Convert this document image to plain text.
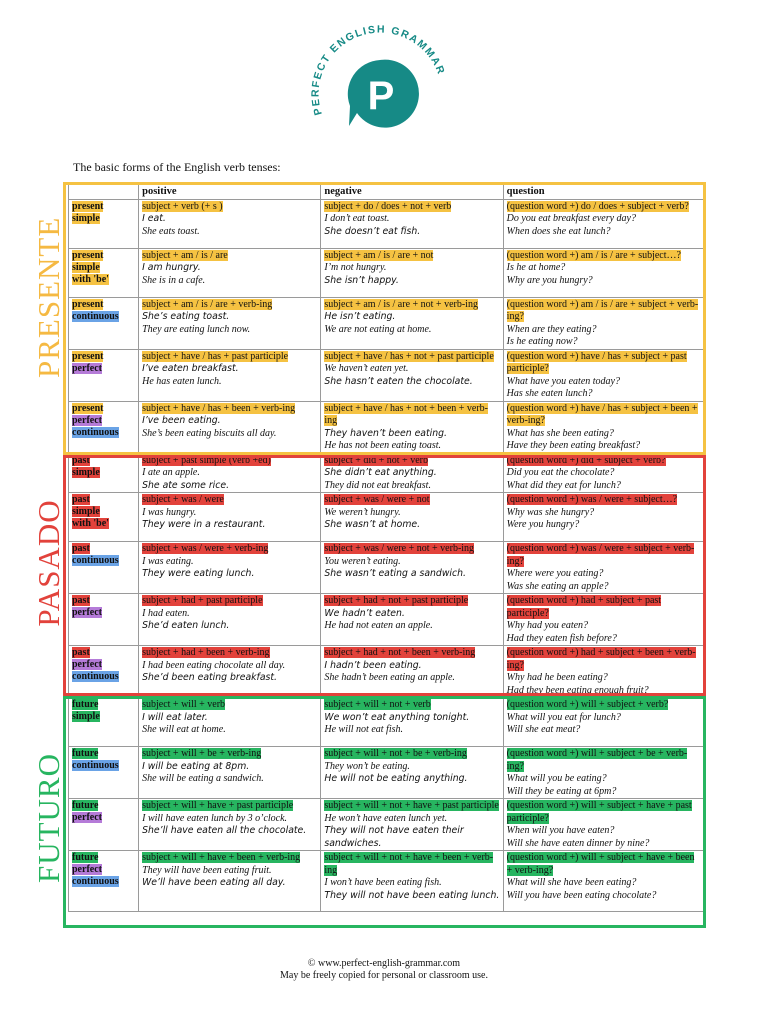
PERFECT ENGLISH GRAMMAR
P
The basic forms of the English verb tenses:
	positive	negative	question

present
simple	subject + verb (+ s )
I eat.
She eats toast.	subject + do / does + not + verb
I don’t eat toast.
She doesn’t eat fish.	(question word +) do / does + subject + verb?
Do you eat breakfast every day?
When does she eat lunch?

present
simple
with 'be'	subject + am / is / are
I am hungry.
She is in a cafe.	subject + am / is / are + not
I’m not hungry.
She isn’t happy.	(question word +) am / is / are + subject…?
Is he at home?
Why are you hungry?

present
continuous	subject + am / is / are + verb-ing
She’s eating toast.
They are eating lunch now.	subject + am / is / are + not + verb-ing
He isn’t eating.
We are not eating at home.	(question word +) am / is / are + subject + verb-ing?
When are they eating?
Is he eating now?

present
perfect	subject + have / has + past participle
I’ve eaten breakfast.
He has eaten lunch.	subject + have / has + not + past participle
We haven’t eaten yet.
She hasn’t eaten the chocolate.	(question word +) have / has + subject + past participle?
What have you eaten today?
Has she eaten lunch?

present
perfect
continuous	subject + have / has + been + verb-ing
I’ve been eating.
She’s been eating biscuits all day.	subject + have / has + not + been + verb-ing
They haven’t been eating.
He has not been eating toast.	(question word +) have / has + subject + been + verb-ing?
What has she been eating?
Have they been eating breakfast?

past
simple	subject + past simple (verb +ed)
I ate an apple.
She ate some rice.	subject + did + not + verb
She didn’t eat anything.
They did not eat breakfast.	(question word +) did + subject + verb?
Did you eat the chocolate?
What did they eat for lunch?

past
simple
with 'be'	subject + was / were
I was hungry.
They were in a restaurant.	subject + was / were + not
We weren’t hungry.
She wasn’t at home.	(question word +) was / were + subject…?
Why was she hungry?
Were you hungry?

past
continuous	subject + was / were + verb-ing
I was eating.
They were eating lunch.	subject + was / were + not + verb-ing
You weren’t eating.
She wasn’t eating a sandwich.	(question word +) was / were + subject + verb-ing?
Where were you eating?
Was she eating an apple?

past
perfect	subject + had + past participle
I had eaten.
She’d eaten lunch.	subject + had + not + past participle
We hadn’t eaten.
He had not eaten an apple.	(question word +) had + subject + past participle?
Why had you eaten?
Had they eaten fish before?

past
perfect
continuous	subject + had + been + verb-ing
I had been eating chocolate all day.
She’d been eating breakfast.	subject + had + not + been + verb-ing
I hadn’t been eating.
She hadn’t been eating an apple.	(question word +) had + subject + been + verb-ing?
Why had he been eating?
Had they been eating enough fruit?

future
simple	subject + will + verb
I will eat later.
She will eat at home.	subject + will + not + verb
We won’t eat anything tonight.
He will not eat fish.	(question word +) will + subject + verb?
What will you eat for lunch?
Will she eat meat?

future
continuous	subject + will + be + verb-ing
I will be eating at 8pm.
She will be eating a sandwich.	subject + will + not + be + verb-ing
They won’t be eating.
He will not be eating anything.	(question word +) will + subject + be + verb-ing?
What will you be eating?
Will they be eating at 6pm?

future
perfect	subject + will + have + past participle
I will have eaten lunch by 3 o’clock.
She’ll have eaten all the chocolate.	subject + will + not + have + past participle
He won’t have eaten lunch yet.
They will not have eaten their sandwiches.	(question word +) will + subject + have + past participle?
When will you have eaten?
Will she have eaten dinner by nine?

future
perfect
continuous	subject + will + have + been + verb-ing
They will have been eating fruit.
We’ll have been eating all day.	subject + will + not + have + been + verb-ing
I won’t have been eating fish.
They will not have been eating lunch.	(question word +) will + subject + have + been + verb-ing?
What will she have been eating?
Will you have been eating chocolate?
PRESENTE
PASADO
FUTURO
© www.perfect-english-grammar.com
May be freely copied for personal or classroom use.
